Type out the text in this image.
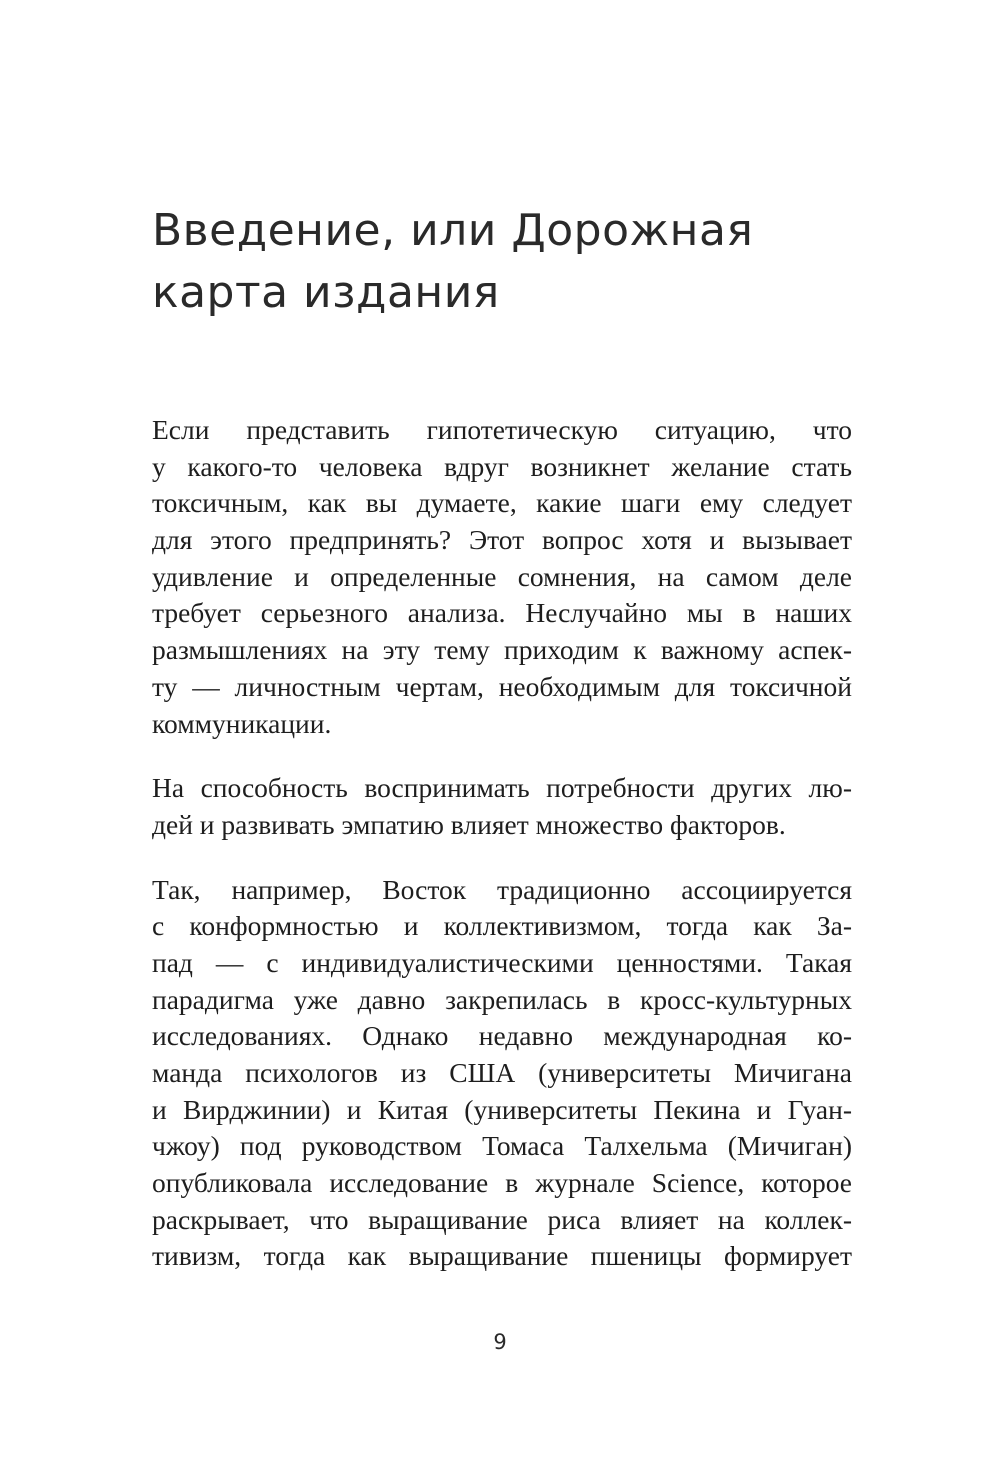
Введение, или Дорожная
карта издания

Если представить гипотетическую ситуацию, что
у какого-то человека вдруг возникнет желание стать
токсичным, как вы думаете, какие шаги ему следует
для этого предпринять? Этот вопрос хотя и вызывает
удивление и определенные сомнения, на самом деле
требует серьезного анализа. Неслучайно мы в наших
размышлениях на эту тему приходим к важному аспек-
ту — личностным чертам, необходимым для токсичной
коммуникации.

На способность воспринимать потребности других лю-
дей и развивать эмпатию влияет множество факторов.

Так, например, Восток традиционно ассоциируется
с конформностью и коллективизмом, тогда как За-
пад — с индивидуалистическими ценностями. Такая
парадигма уже давно закрепилась в кросс-культурных
исследованиях. Однако недавно международная ко-
манда психологов из США (университеты Мичигана
и Вирджинии) и Китая (университеты Пекина и Гуан-
чжоу) под руководством Томаса Талхельма (Мичиган)
опубликовала исследование в журнале Science, которое
раскрывает, что выращивание риса влияет на коллек-
тивизм, тогда как выращивание пшеницы формирует

9
